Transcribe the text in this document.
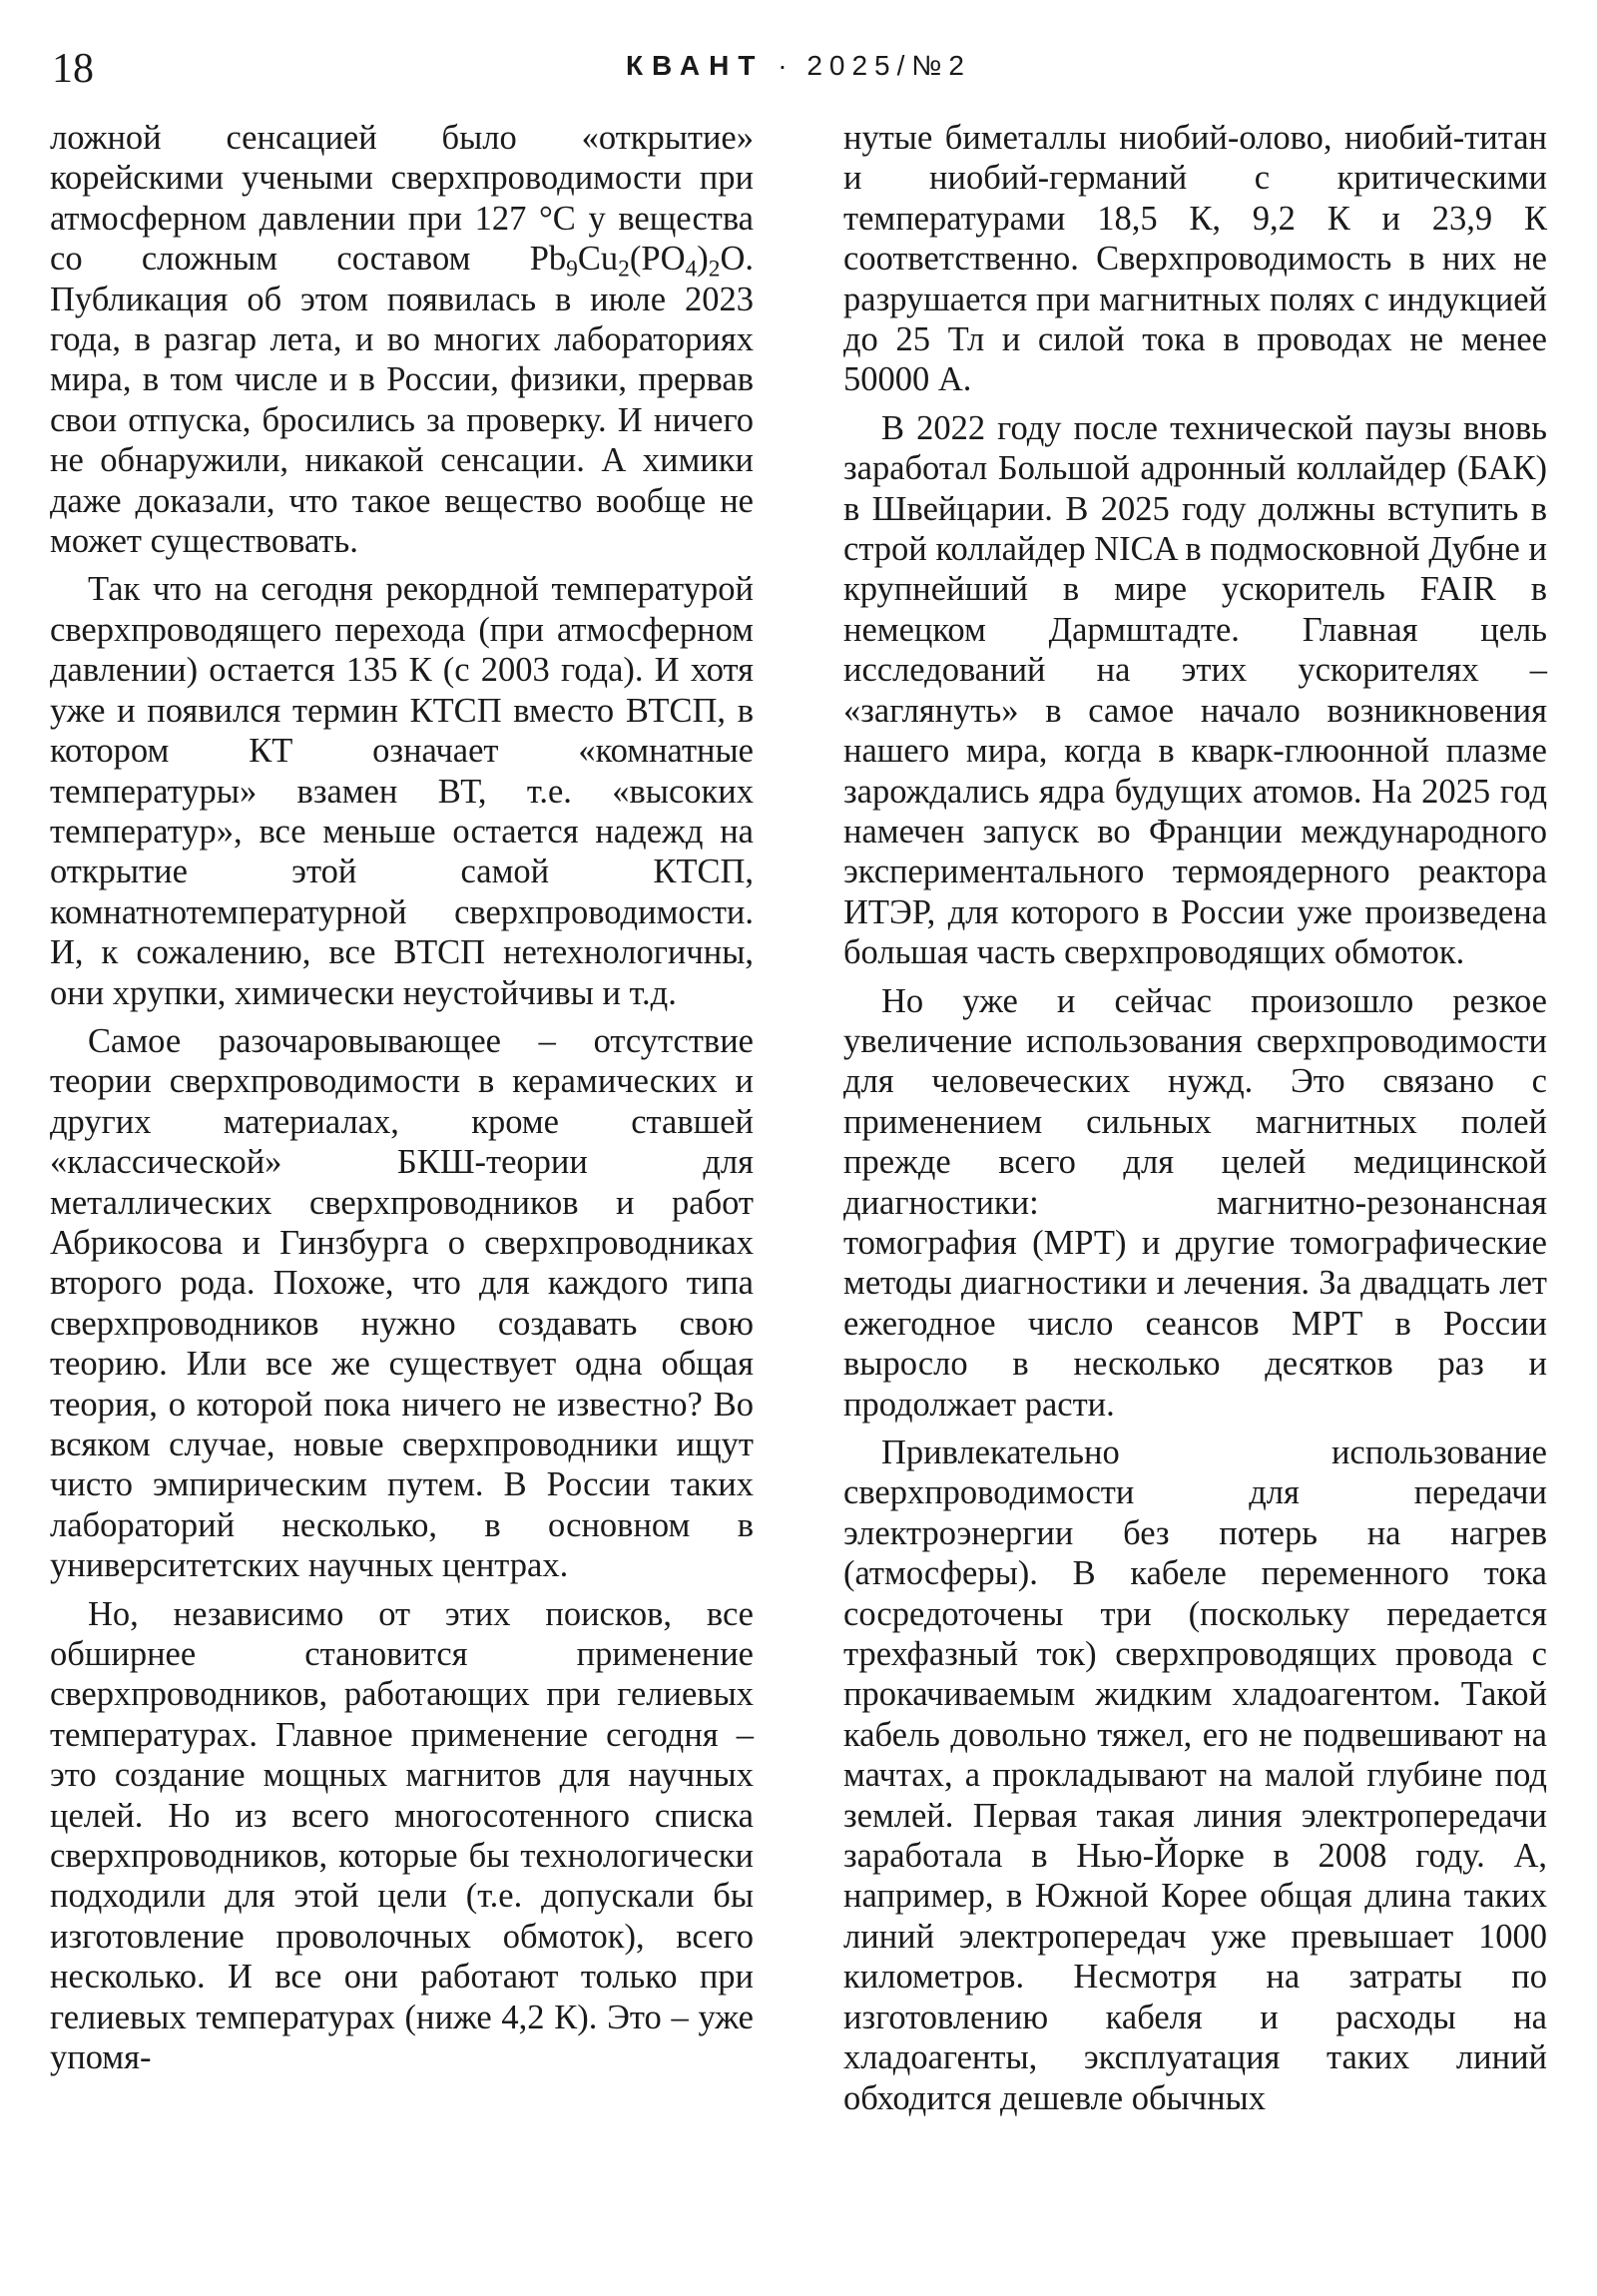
18	КВАНТ · 2025/№2

ложной сенсацией было «открытие» корейскими учеными сверхпроводимости при атмосферном давлении при 127 °С у вещества со сложным составом $Pb_9Cu_2(PO_4)_2O$. Публикация об этом появилась в июле 2023 года, в разгар лета, и во многих лабораториях мира, в том числе и в России, физики, прервав свои отпуска, бросились за проверку. И ничего не обнаружили, никакой сенсации. А химики даже доказали, что такое вещество вообще не может существовать.

Так что на сегодня рекордной температурой сверхпроводящего перехода (при атмосферном давлении) остается 135 К (с 2003 года). И хотя уже и появился термин КТСП вместо ВТСП, в котором КТ означает «комнатные температуры» взамен ВТ, т.е. «высоких температур», все меньше остается надежд на открытие этой самой КТСП, комнатнотемпературной сверхпроводимости. И, к сожалению, все ВТСП нетехнологичны, они хрупки, химически неустойчивы и т.д.

Самое разочаровывающее – отсутствие теории сверхпроводимости в керамических и других материалах, кроме ставшей «классической» БКШ-теории для металлических сверхпроводников и работ Абрикосова и Гинзбурга о сверхпроводниках второго рода. Похоже, что для каждого типа сверхпроводников нужно создавать свою теорию. Или все же существует одна общая теория, о которой пока ничего не известно? Во всяком случае, новые сверхпроводники ищут чисто эмпирическим путем. В России таких лабораторий несколько, в основном в университетских научных центрах.

Но, независимо от этих поисков, все обширнее становится применение сверхпроводников, работающих при гелиевых температурах. Главное применение сегодня – это создание мощных магнитов для научных целей. Но из всего многосотенного списка сверхпроводников, которые бы технологически подходили для этой цели (т.е. допускали бы изготовление проволочных обмоток), всего несколько. И все они работают только при гелиевых температурах (ниже 4,2 К). Это – уже упомя-

нутые биметаллы ниобий-олово, ниобий-титан и ниобий-германий с критическими температурами 18,5 К, 9,2 К и 23,9 К соответственно. Сверхпроводимость в них не разрушается при магнитных полях с индукцией до 25 Тл и силой тока в проводах не менее 50000 А.

В 2022 году после технической паузы вновь заработал Большой адронный коллайдер (БАК) в Швейцарии. В 2025 году должны вступить в строй коллайдер NICA в подмосковной Дубне и крупнейший в мире ускоритель FAIR в немецком Дармштадте. Главная цель исследований на этих ускорителях – «заглянуть» в самое начало возникновения нашего мира, когда в кварк-глюонной плазме зарождались ядра будущих атомов. На 2025 год намечен запуск во Франции международного экспериментального термоядерного реактора ИТЭР, для которого в России уже произведена большая часть сверхпроводящих обмоток.

Но уже и сейчас произошло резкое увеличение использования сверхпроводимости для человеческих нужд. Это связано с применением сильных магнитных полей прежде всего для целей медицинской диагностики: магнитно-резонансная томография (МРТ) и другие томографические методы диагностики и лечения. За двадцать лет ежегодное число сеансов МРТ в России выросло в несколько десятков раз и продолжает расти.

Привлекательно использование сверхпроводимости для передачи электроэнергии без потерь на нагрев (атмосферы). В кабеле переменного тока сосредоточены три (поскольку передается трехфазный ток) сверхпроводящих провода с прокачиваемым жидким хладоагентом. Такой кабель довольно тяжел, его не подвешивают на мачтах, а прокладывают на малой глубине под землей. Первая такая линия электропередачи заработала в Нью-Йорке в 2008 году. А, например, в Южной Корее общая длина таких линий электропередач уже превышает 1000 километров. Несмотря на затраты по изготовлению кабеля и расходы на хладоагенты, эксплуатация таких линий обходится дешевле обычных
